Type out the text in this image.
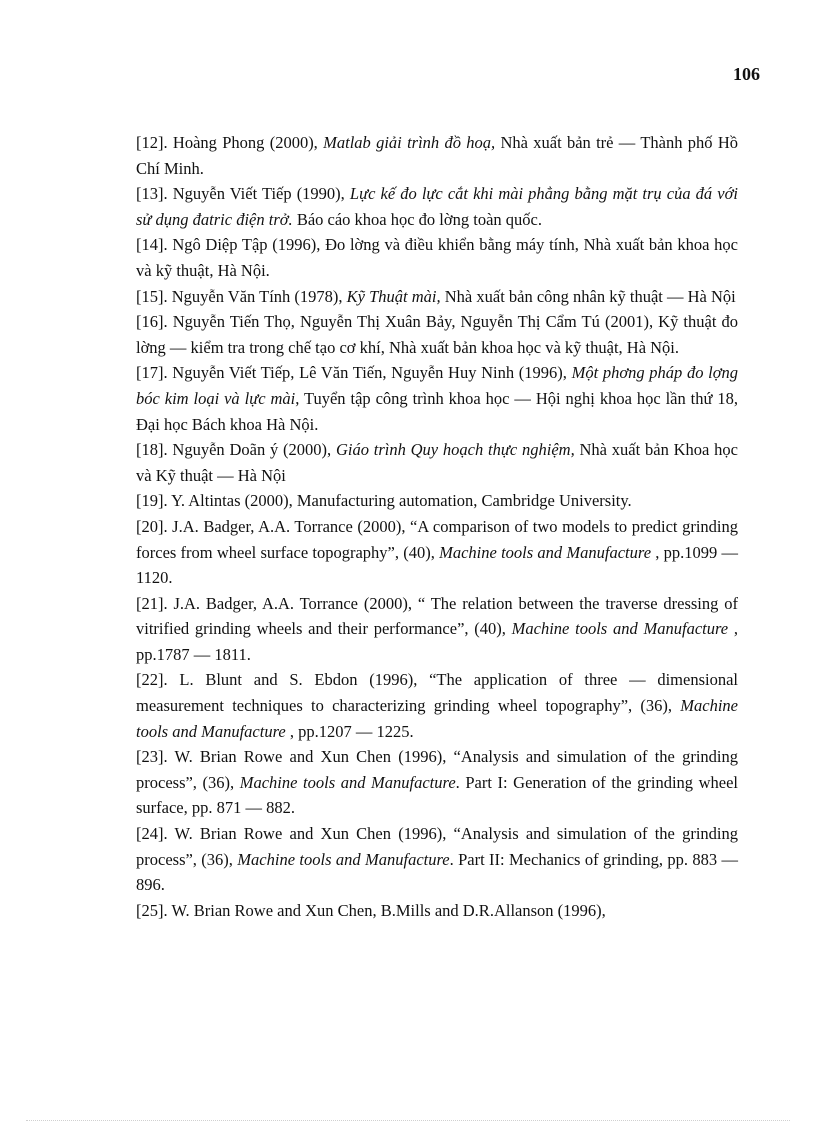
106

[12]. Hoàng Phong (2000), Matlab giải trình đồ hoạ, Nhà xuất bản trẻ — Thành phố Hồ Chí Minh.

[13]. Nguyễn Viết Tiếp (1990), Lực kế đo lực cắt khi mài phẳng bằng mặt trụ của đá với sử dụng đatric điện trở. Báo cáo khoa học đo lờng toàn quốc.

[14]. Ngô Diệp Tập (1996), Đo lờng và điều khiển bằng máy tính, Nhà xuất bản khoa học và kỹ thuật, Hà Nội.

[15]. Nguyễn Văn Tính (1978), Kỹ Thuật mài, Nhà xuất bản công nhân kỹ thuật — Hà Nội

[16]. Nguyễn Tiến Thọ, Nguyễn Thị Xuân Bảy, Nguyễn Thị Cẩm Tú (2001), Kỹ thuật đo lờng — kiểm tra trong chế tạo cơ khí, Nhà xuất bản khoa học và kỹ thuật, Hà Nội.

[17]. Nguyễn Viết Tiếp, Lê Văn Tiến, Nguyễn Huy Ninh (1996), Một phơng pháp đo lợng bóc kim loại và lực mài, Tuyển tập công trình khoa học — Hội nghị khoa học lần thứ 18, Đại học Bách khoa Hà Nội.

[18]. Nguyễn Doãn ý (2000), Giáo trình Quy hoạch thực nghiệm, Nhà xuất bản Khoa học và Kỹ thuật — Hà Nội

[19]. Y. Altintas (2000), Manufacturing automation, Cambridge University.

[20]. J.A. Badger, A.A. Torrance (2000), “A comparison of two models to predict grinding forces from wheel surface topography”, (40), Machine tools and Manufacture , pp.1099 — 1120.

[21]. J.A. Badger, A.A. Torrance (2000), “ The relation between the traverse dressing of vitrified grinding wheels and their performance”, (40), Machine tools and Manufacture , pp.1787 — 1811.

[22]. L. Blunt and S. Ebdon (1996), “The application of three — dimensional measurement techniques to characterizing grinding wheel topography”, (36), Machine tools and Manufacture , pp.1207 — 1225.

[23]. W. Brian Rowe and Xun Chen (1996), “Analysis and simulation of the grinding process”, (36), Machine tools and Manufacture. Part I: Generation of the grinding wheel surface, pp. 871 — 882.

[24]. W. Brian Rowe and Xun Chen (1996), “Analysis and simulation of the grinding process”, (36), Machine tools and Manufacture. Part II: Mechanics of grinding, pp. 883 — 896.

[25]. W. Brian Rowe and Xun Chen, B.Mills and D.R.Allanson (1996),
